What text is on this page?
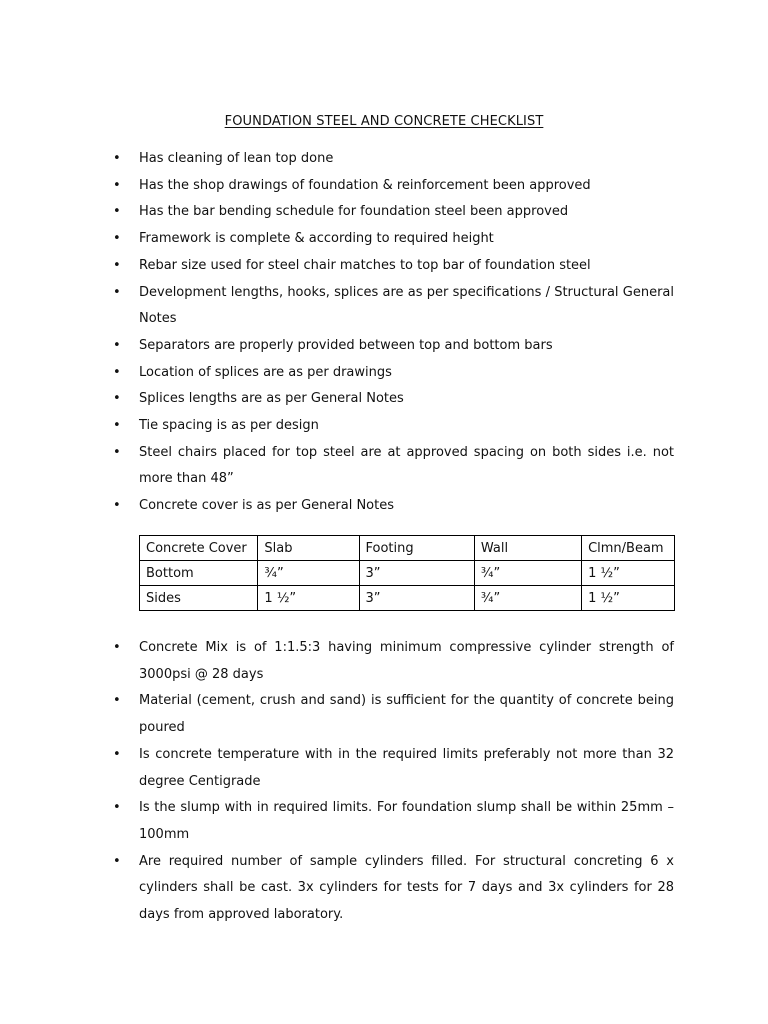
FOUNDATION STEEL AND CONCRETE CHECKLIST
• Has cleaning of lean top done
• Has the shop drawings of foundation & reinforcement been approved
• Has the bar bending schedule for foundation steel been approved
• Framework is complete & according to required height
• Rebar size used for steel chair matches to top bar of foundation steel
• Development lengths, hooks, splices are as per specifications / Structural General Notes
• Separators are properly provided between top and bottom bars
• Location of splices are as per drawings
• Splices lengths are as per General Notes
• Tie spacing is as per design
• Steel chairs placed for top steel are at approved spacing on both sides i.e. not more than 48”
• Concrete cover is as per General Notes
Concrete Cover	Slab	Footing	Wall	Clmn/Beam
Bottom	¾”	3”	¾”	1 ½”
Sides	1 ½”	3”	¾”	1 ½”
• Concrete Mix is of 1:1.5:3 having minimum compressive cylinder strength of 3000psi @ 28 days
• Material (cement, crush and sand) is sufficient for the quantity of concrete being poured
• Is concrete temperature with in the required limits preferably not more than 32 degree Centigrade
• Is the slump with in required limits. For foundation slump shall be within 25mm – 100mm
• Are required number of sample cylinders filled. For structural concreting 6 x cylinders shall be cast. 3x cylinders for tests for 7 days and 3x cylinders for 28 days from approved laboratory.
